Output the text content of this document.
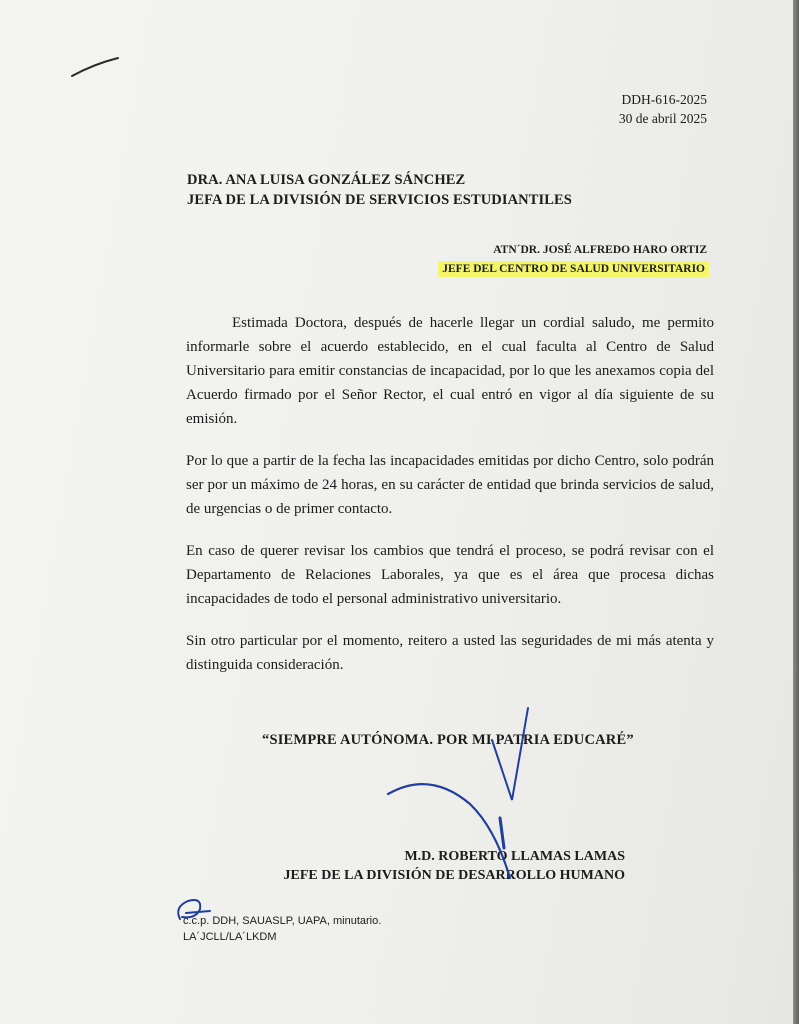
DDH-616-2025
30 de abril 2025
DRA. ANA LUISA GONZÁLEZ SÁNCHEZ
JEFA DE LA DIVISIÓN DE SERVICIOS ESTUDIANTILES
ATN´DR. JOSÉ ALFREDO HARO ORTIZ
JEFE DEL CENTRO DE SALUD UNIVERSITARIO

Estimada Doctora, después de hacerle llegar un cordial saludo, me permito informarle sobre el acuerdo establecido, en el cual faculta al Centro de Salud Universitario para emitir constancias de incapacidad, por lo que les anexamos copia del Acuerdo firmado por el Señor Rector, el cual entró en vigor al día siguiente de su emisión.

Por lo que a partir de la fecha las incapacidades emitidas por dicho Centro, solo podrán ser por un máximo de 24 horas, en su carácter de entidad que brinda servicios de salud, de urgencias o de primer contacto.

En caso de querer revisar los cambios que tendrá el proceso, se podrá revisar con el Departamento de Relaciones Laborales, ya que es el área que procesa dichas incapacidades de todo el personal administrativo universitario.

Sin otro particular por el momento, reitero a usted las seguridades de mi más atenta y distinguida consideración.

“SIEMPRE AUTÓNOMA. POR MI PATRIA EDUCARÉ”
M.D. ROBERTO LLAMAS LAMAS
JEFE DE LA DIVISIÓN DE DESARROLLO HUMANO
c.c.p. DDH, SAUASLP, UAPA, minutario.
LA´JCLL/LA´LKDM
